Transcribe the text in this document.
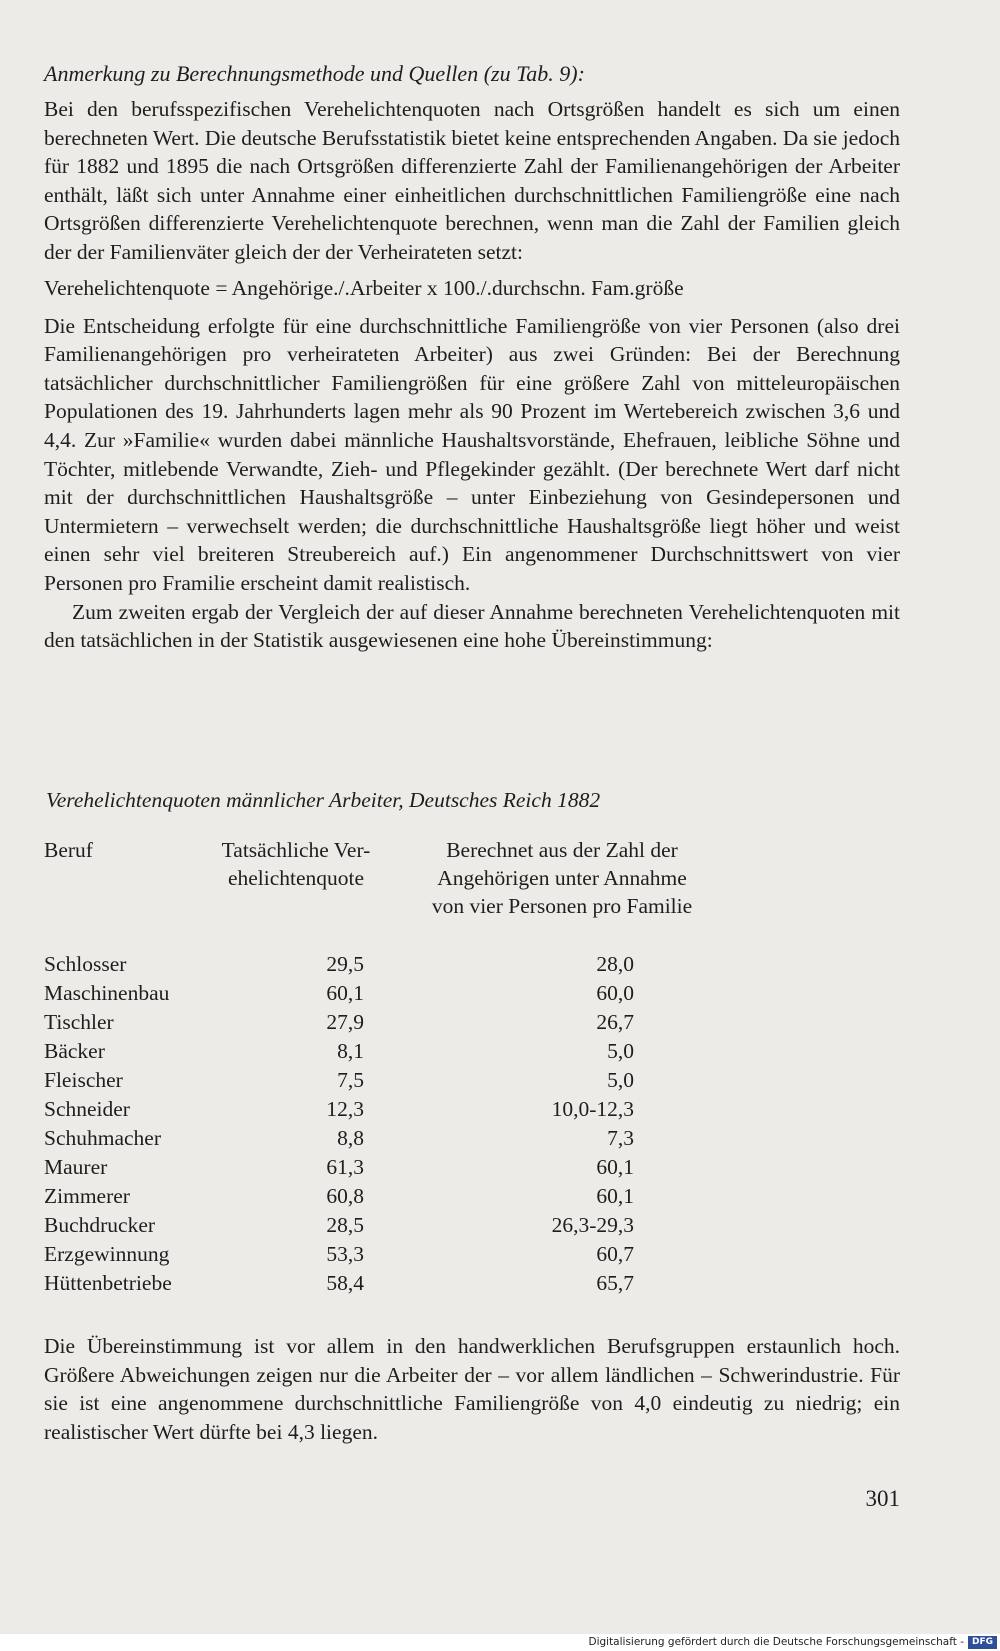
Anmerkung zu Berechnungsmethode und Quellen (zu Tab. 9):

Bei den berufsspezifischen Verehelichtenquoten nach Ortsgrößen handelt es sich um einen berechneten Wert. Die deutsche Berufsstatistik bietet keine entsprechenden Angaben. Da sie jedoch für 1882 und 1895 die nach Ortsgrößen differenzierte Zahl der Familienangehörigen der Arbeiter enthält, läßt sich unter Annahme einer einheitlichen durchschnittlichen Familiengröße eine nach Ortsgrößen differenzierte Verehelichtenquote berechnen, wenn man die Zahl der Familien gleich der der Familienväter gleich der der Verheirateten setzt:

Verehelichtenquote = Angehörige./.Arbeiter x 100./.durchschn. Fam.größe

Die Entscheidung erfolgte für eine durchschnittliche Familiengröße von vier Personen (also drei Familienangehörigen pro verheirateten Arbeiter) aus zwei Gründen: Bei der Berechnung tatsächlicher durchschnittlicher Familiengrößen für eine größere Zahl von mitteleuropäischen Populationen des 19. Jahrhunderts lagen mehr als 90 Prozent im Wertebereich zwischen 3,6 und 4,4. Zur »Familie« wurden dabei männliche Haushaltsvorstände, Ehefrauen, leibliche Söhne und Töchter, mitlebende Verwandte, Zieh- und Pflegekinder gezählt. (Der berechnete Wert darf nicht mit der durchschnittlichen Haushaltsgröße – unter Einbeziehung von Gesindepersonen und Untermietern – verwechselt werden; die durchschnittliche Haushaltsgröße liegt höher und weist einen sehr viel breiteren Streubereich auf.) Ein angenommener Durchschnittswert von vier Personen pro Framilie erscheint damit realistisch.

Zum zweiten ergab der Vergleich der auf dieser Annahme berechneten Verehelichtenquoten mit den tatsächlichen in der Statistik ausgewiesenen eine hohe Übereinstimmung:

Verehelichtenquoten männlicher Arbeiter, Deutsches Reich 1882

Beruf	Tatsächliche Ver-
ehelichtenquote
Berechnet aus der Zahl der
Angehörigen unter Annahme
von vier Personen pro Familie
Schlosser	29,5	28,0
Maschinenbau	60,1	60,0
Tischler	27,9	26,7
Bäcker	8,1	5,0
Fleischer	7,5	5,0
Schneider	12,3	10,0-12,3
Schuhmacher	8,8	7,3
Maurer	61,3	60,1
Zimmerer	60,8	60,1
Buchdrucker	28,5	26,3-29,3
Erzgewinnung	53,3	60,7
Hüttenbetriebe	58,4	65,7

Die Übereinstimmung ist vor allem in den handwerklichen Berufsgruppen erstaunlich hoch. Größere Abweichungen zeigen nur die Arbeiter der – vor allem ländlichen – Schwerindustrie. Für sie ist eine angenommene durchschnittliche Familiengröße von 4,0 eindeutig zu niedrig; ein realistischer Wert dürfte bei 4,3 liegen.

301

Digitalisierung gefördert durch die Deutsche Forschungsgemeinschaft - DFG
